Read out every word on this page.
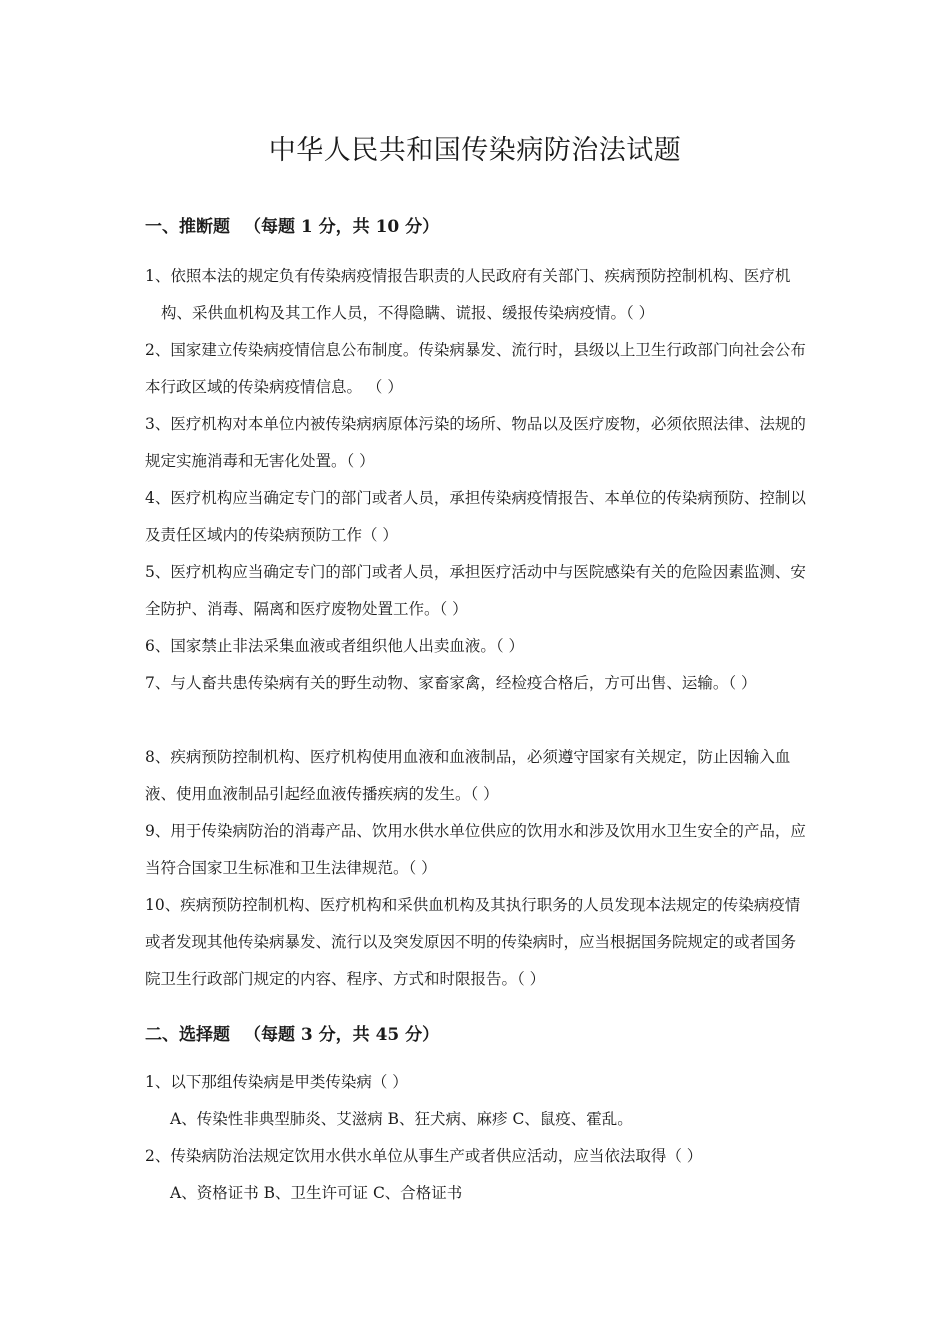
中华人民共和国传染病防治法试题
一、推断题 （每题 1 分，共 10 分）
1、依照本法的规定负有传染病疫情报告职责的人民政府有关部门、疾病预防控制机构、医疗机构、采供血机构及其工作人员，不得隐瞒、谎报、缓报传染病疫情。（ ）
2、国家建立传染病疫情信息公布制度。传染病暴发、流行时，县级以上卫生行政部门向社会公布本行政区域的传染病疫情信息。 （ ）
3、医疗机构对本单位内被传染病病原体污染的场所、物品以及医疗废物，必须依照法律、法规的规定实施消毒和无害化处置。（ ）
4、医疗机构应当确定专门的部门或者人员，承担传染病疫情报告、本单位的传染病预防、控制以及责任区域内的传染病预防工作（ ）
5、医疗机构应当确定专门的部门或者人员，承担医疗活动中与医院感染有关的危险因素监测、安全防护、消毒、隔离和医疗废物处置工作。（ ）
6、国家禁止非法采集血液或者组织他人出卖血液。（ ）
7、与人畜共患传染病有关的野生动物、家畜家禽，经检疫合格后，方可出售、运输。（ ）
8、疾病预防控制机构、医疗机构使用血液和血液制品，必须遵守国家有关规定，防止因输入血液、使用血液制品引起经血液传播疾病的发生。（ ）
9、用于传染病防治的消毒产品、饮用水供水单位供应的饮用水和涉及饮用水卫生安全的产品，应当符合国家卫生标准和卫生法律规范。（ ）
10、疾病预防控制机构、医疗机构和采供血机构及其执行职务的人员发现本法规定的传染病疫情或者发现其他传染病暴发、流行以及突发原因不明的传染病时，应当根据国务院规定的或者国务院卫生行政部门规定的内容、程序、方式和时限报告。（ ）
二、选择题 （每题 3 分，共 45 分）
1、以下那组传染病是甲类传染病（ ）
A、传染性非典型肺炎、艾滋病 B、狂犬病、麻疹 C、鼠疫、霍乱。
2、传染病防治法规定饮用水供水单位从事生产或者供应活动，应当依法取得（ ）
A、资格证书 B、卫生许可证 C、合格证书
